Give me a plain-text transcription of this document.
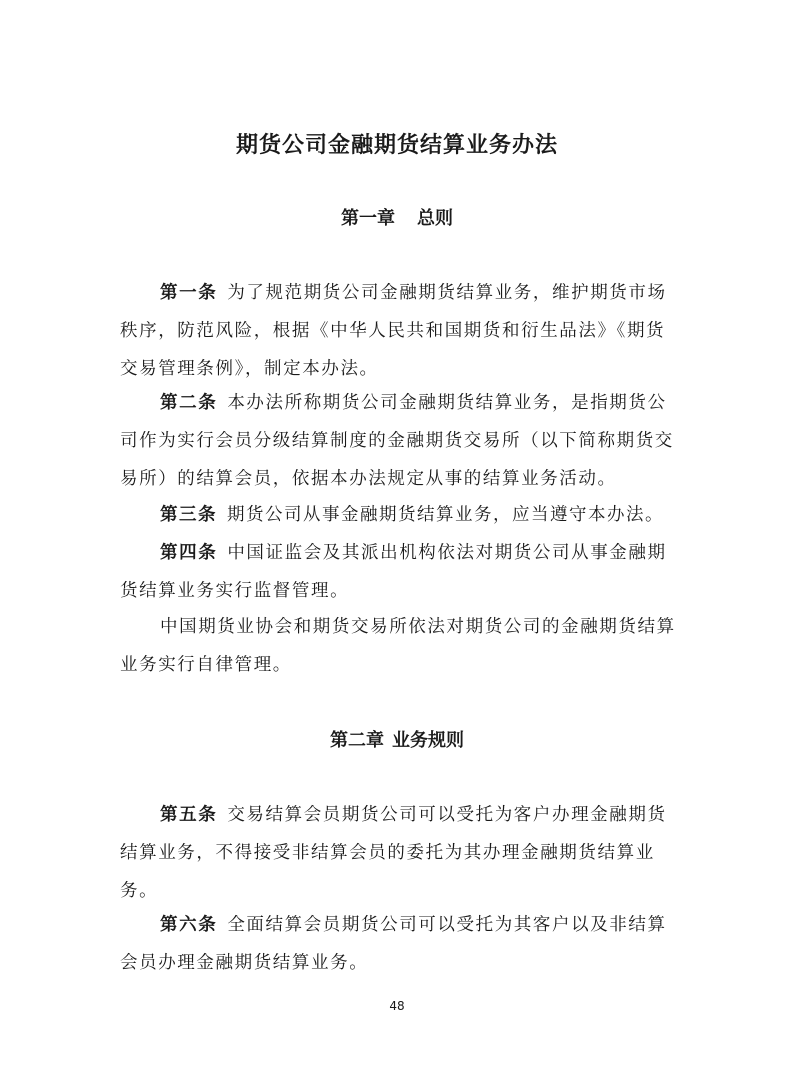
期货公司金融期货结算业务办法
第一章 总则
第一条 为了规范期货公司金融期货结算业务，维护期货市场秩序，防范风险，根据《中华人民共和国期货和衍生品法》《期货交易管理条例》，制定本办法。
第二条 本办法所称期货公司金融期货结算业务，是指期货公司作为实行会员分级结算制度的金融期货交易所（以下简称期货交易所）的结算会员，依据本办法规定从事的结算业务活动。
第三条 期货公司从事金融期货结算业务，应当遵守本办法。
第四条 中国证监会及其派出机构依法对期货公司从事金融期货结算业务实行监督管理。
中国期货业协会和期货交易所依法对期货公司的金融期货结算业务实行自律管理。
第二章 业务规则
第五条 交易结算会员期货公司可以受托为客户办理金融期货结算业务，不得接受非结算会员的委托为其办理金融期货结算业务。
第六条 全面结算会员期货公司可以受托为其客户以及非结算会员办理金融期货结算业务。
48
